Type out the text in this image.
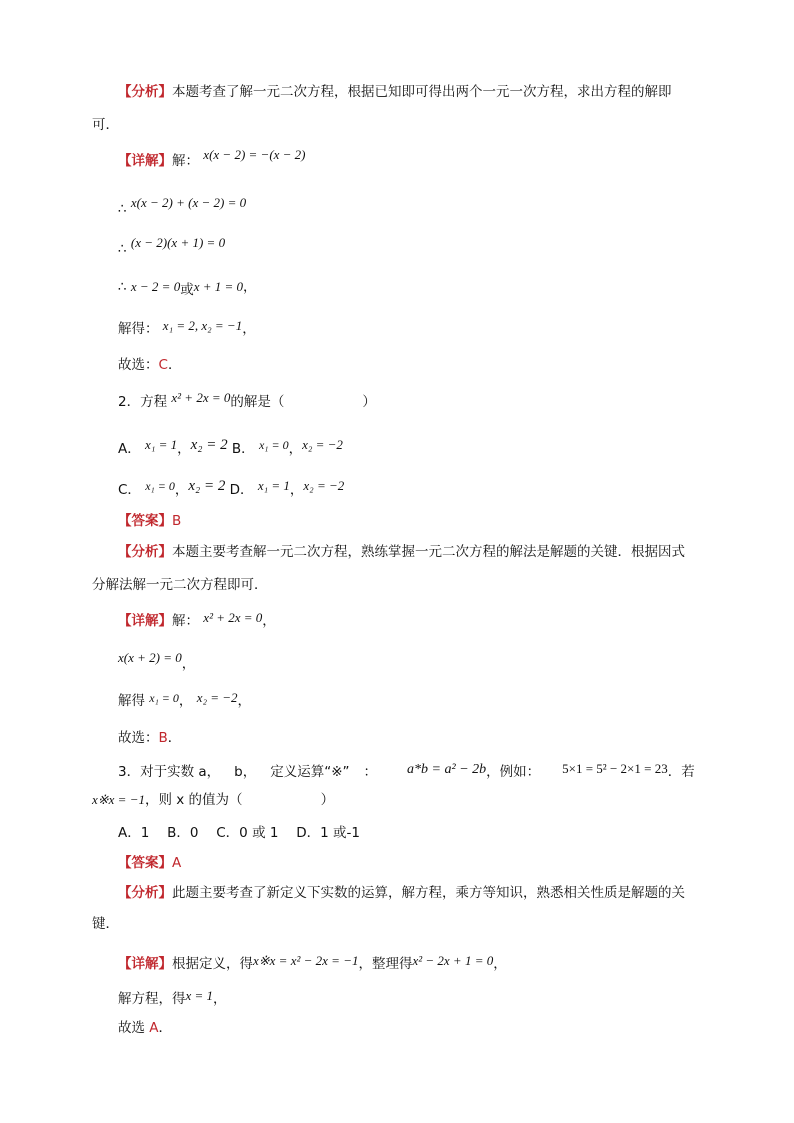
【分析】本题考查了解一元二次方程，根据已知即可得出两个一元一次方程，求出方程的解即
可．
【详解】解： x(x − 2) = −(x − 2)
∴ x(x − 2) + (x − 2) = 0
∴ (x − 2)(x + 1) = 0
∴ x − 2 = 0或x + 1 = 0，
解得： x₁ = 2, x₂ = −1，
故选：C．
2．方程 x² + 2x = 0的解是（	）
A． x₁ = 1，x₂ = 2 B． x₁ = 0，x₂ = −2
C． x₁ = 0，x₂ = 2 D． x₁ = 1，x₂ = −2
【答案】B
【分析】本题主要考查解一元二次方程，熟练掌握一元二次方程的解法是解题的关键．根据因式
分解法解一元二次方程即可．
【详解】解： x² + 2x = 0，
x(x + 2) = 0，
解得 x₁ = 0， x₂ = −2，
故选：B．
3．对于实数 a， b， 定义运算“※” ： a*b = a² − 2b，例如： 5×1 = 5² − 2×1 = 23．若
x※x = −1，则 x 的值为（	）
A．1　 B．0　 C．0 或 1　 D．1 或-1
【答案】A
【分析】此题主要考查了新定义下实数的运算，解方程，乘方等知识，熟悉相关性质是解题的关
键．
【详解】根据定义，得x※x = x² − 2x = −1，整理得x² − 2x + 1 = 0，
解方程，得x = 1，
故选 A．
